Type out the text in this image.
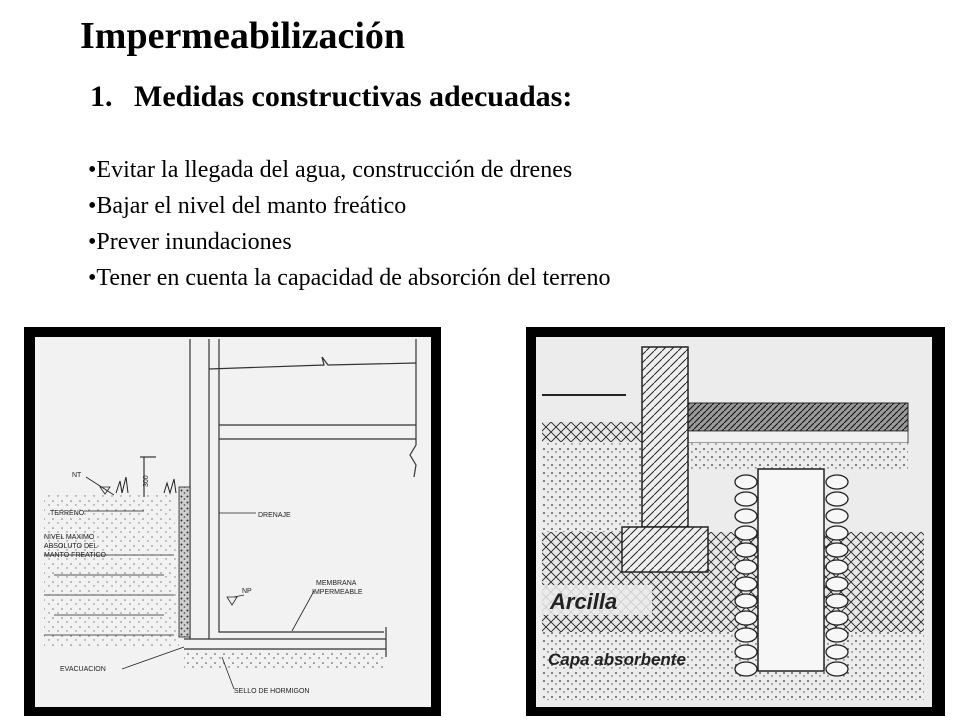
Impermeabilización
1. Medidas constructivas adecuadas:
• Evitar la llegada del agua, construcción de drenes
• Bajar el nivel del manto freático
• Prever inundaciones
• Tener en cuenta la capacidad de absorción del terreno
NT	300
TERRENO
NIVEL MAXIMO
ABSOLUTO DEL
MANTO FREATICO
DRENAJE
NP
MEMBRANA
IMPERMEABLE
EVACUACION
SELLO DE HORMIGON
Arcilla
Capa absorbente
